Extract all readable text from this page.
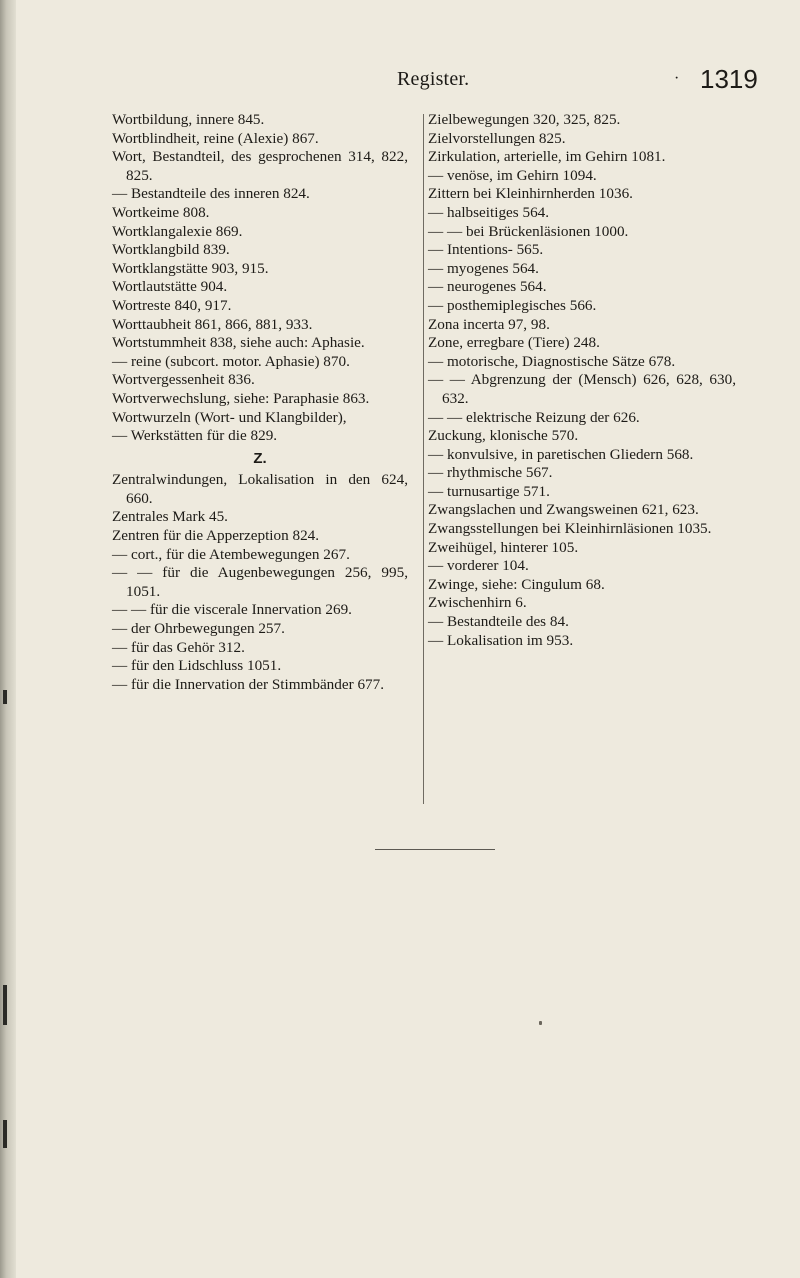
Register.	· 1319
Wortbildung, innere 845.
Wortblindheit, reine (Alexie) 867.
Wort, Bestandteil, des gesprochenen 314, 822, 825.
— Bestandteile des inneren 824.
Wortkeime 808.
Wortklangalexie 869.
Wortklangbild 839.
Wortklangstätte 903, 915.
Wortlautstätte 904.
Wortreste 840, 917.
Worttaubheit 861, 866, 881, 933.
Wortstummheit 838, siehe auch: Aphasie.
— reine (subcort. motor. Aphasie) 870.
Wortvergessenheit 836.
Wortverwechslung, siehe: Paraphasie 863.
Wortwurzeln (Wort- und Klangbilder),
— Werkstätten für die 829.
Z.
Zentralwindungen, Lokalisation in den 624, 660.
Zentrales Mark 45.
Zentren für die Apperzeption 824.
— cort., für die Atembewegungen 267.
— — für die Augenbewegungen 256, 995, 1051.
— — für die viscerale Innervation 269.
— der Ohrbewegungen 257.
— für das Gehör 312.
— für den Lidschluss 1051.
— für die Innervation der Stimmbänder 677.
Zielbewegungen 320, 325, 825.
Zielvorstellungen 825.
Zirkulation, arterielle, im Gehirn 1081.
— venöse, im Gehirn 1094.
Zittern bei Kleinhirnherden 1036.
— halbseitiges 564.
— — bei Brückenläsionen 1000.
— Intentions- 565.
— myogenes 564.
— neurogenes 564.
— posthemiplegisches 566.
Zona incerta 97, 98.
Zone, erregbare (Tiere) 248.
— motorische, Diagnostische Sätze 678.
— — Abgrenzung der (Mensch) 626, 628, 630, 632.
— — elektrische Reizung der 626.
Zuckung, klonische 570.
— konvulsive, in paretischen Gliedern 568.
— rhythmische 567.
— turnusartige 571.
Zwangslachen und Zwangsweinen 621, 623.
Zwangsstellungen bei Kleinhirnläsionen 1035.
Zweihügel, hinterer 105.
— vorderer 104.
Zwinge, siehe: Cingulum 68.
Zwischenhirn 6.
— Bestandteile des 84.
— Lokalisation im 953.
